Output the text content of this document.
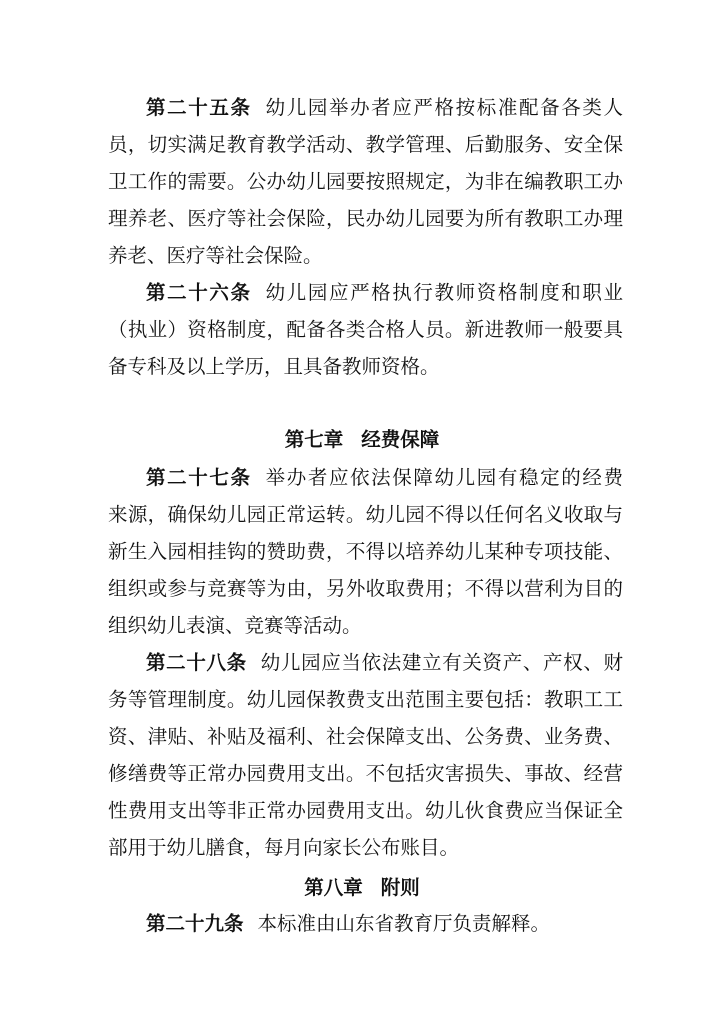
第二十五条 幼儿园举办者应严格按标准配备各类人
员，切实满足教育教学活动、教学管理、后勤服务、安全保
卫工作的需要。公办幼儿园要按照规定，为非在编教职工办
理养老、医疗等社会保险，民办幼儿园要为所有教职工办理
养老、医疗等社会保险。
第二十六条 幼儿园应严格执行教师资格制度和职业
（执业）资格制度，配备各类合格人员。新进教师一般要具
备专科及以上学历，且具备教师资格。
第七章 经费保障
第二十七条 举办者应依法保障幼儿园有稳定的经费
来源，确保幼儿园正常运转。幼儿园不得以任何名义收取与
新生入园相挂钩的赞助费，不得以培养幼儿某种专项技能、
组织或参与竞赛等为由，另外收取费用；不得以营利为目的
组织幼儿表演、竞赛等活动。
第二十八条 幼儿园应当依法建立有关资产、产权、财
务等管理制度。幼儿园保教费支出范围主要包括：教职工工
资、津贴、补贴及福利、社会保障支出、公务费、业务费、
修缮费等正常办园费用支出。不包括灾害损失、事故、经营
性费用支出等非正常办园费用支出。幼儿伙食费应当保证全
部用于幼儿膳食，每月向家长公布账目。
第八章 附则
第二十九条 本标准由山东省教育厅负责解释。
